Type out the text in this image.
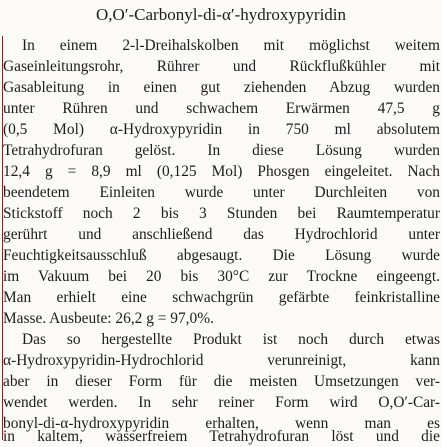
O,O′-Carbonyl-di-α′-hydroxypyridin
In einem 2-l-Dreihalskolben mit möglichst weitem
Gaseinleitungsrohr, Rührer und Rückflußkühler mit
Gasableitung in einen gut ziehenden Abzug wurden
unter Rühren und schwachem Erwärmen 47,5 g
(0,5 Mol) α-Hydroxypyridin in 750 ml absolutem
Tetrahydrofuran gelöst. In diese Lösung wurden
12,4 g = 8,9 ml (0,125 Mol) Phosgen eingeleitet. Nach
beendetem Einleiten wurde unter Durchleiten von
Stickstoff noch 2 bis 3 Stunden bei Raumtemperatur
gerührt und anschließend das Hydrochlorid unter
Feuchtigkeitsausschluß abgesaugt. Die Lösung wurde
im Vakuum bei 20 bis 30°C zur Trockne eingeengt.
Man erhielt eine schwachgrün gefärbte feinkristalline
Masse. Ausbeute: 26,2 g = 97,0%.
Das so hergestellte Produkt ist noch durch etwas
α-Hydroxypyridin-Hydrochlorid verunreinigt, kann
aber in dieser Form für die meisten Umsetzungen ver-
wendet werden. In sehr reiner Form wird O,O′-Car-
bonyl-di-α-hydroxypyridin erhalten, wenn man es
in kaltem, wasserfreiem Tetrahydrofuran löst und die
